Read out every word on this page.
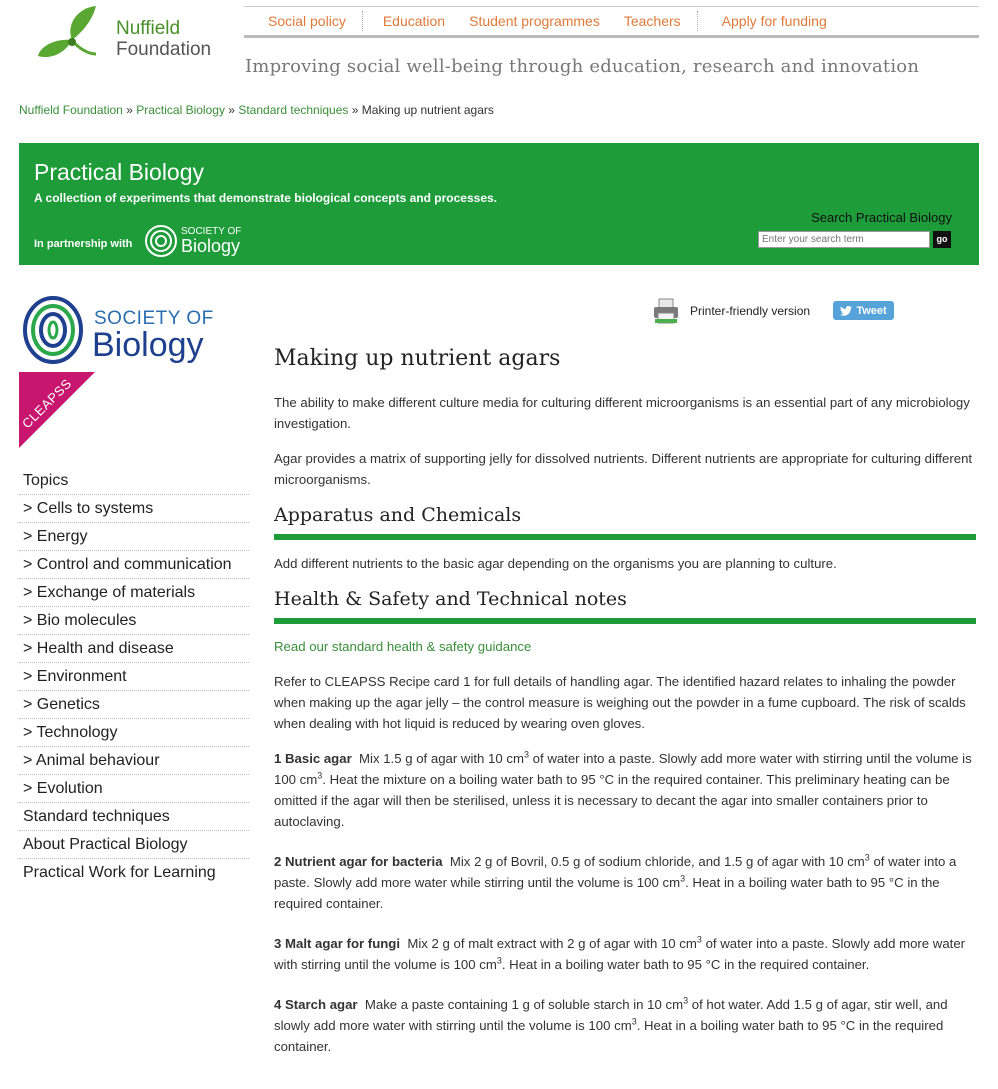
Nuffield
Foundation
Social policy	Education	Student programmes	Teachers	Apply for funding
Improving social well-being through education, research and innovation
Nuffield Foundation » Practical Biology » Standard techniques » Making up nutrient agars
Practical Biology
A collection of experiments that demonstrate biological concepts and processes.
In partnership with
SOCIETY OF
Biology
Search Practical Biology
Enter your search term
go
SOCIETY OF
Biology
CLEAPSS
Topics
> Cells to systems
> Energy
> Control and communication
> Exchange of materials
> Bio molecules
> Health and disease
> Environment
> Genetics
> Technology
> Animal behaviour
> Evolution
Standard techniques
About Practical Biology
Practical Work for Learning
Printer-friendly version	Tweet
Making up nutrient agars

The ability to make different culture media for culturing different microorganisms is an essential part of any microbiology investigation.

Agar provides a matrix of supporting jelly for dissolved nutrients. Different nutrients are appropriate for culturing different microorganisms.

Apparatus and Chemicals

Add different nutrients to the basic agar depending on the organisms you are planning to culture.

Health & Safety and Technical notes

Read our standard health & safety guidance

Refer to CLEAPSS Recipe card 1 for full details of handling agar. The identified hazard relates to inhaling the powder when making up the agar jelly – the control measure is weighing out the powder in a fume cupboard. The risk of scalds when dealing with hot liquid is reduced by wearing oven gloves.

1 Basic agar Mix 1.5 g of agar with 10 $cm^3$ of water into a paste. Slowly add more water with stirring until the volume is 100 $cm^3$. Heat the mixture on a boiling water bath to 95 °C in the required container. This preliminary heating can be omitted if the agar will then be sterilised, unless it is necessary to decant the agar into smaller containers prior to autoclaving.

2 Nutrient agar for bacteria Mix 2 g of Bovril, 0.5 g of sodium chloride, and 1.5 g of agar with 10 $cm^3$ of water into a paste. Slowly add more water while stirring until the volume is 100 $cm^3$. Heat in a boiling water bath to 95 °C in the required container.

3 Malt agar for fungi Mix 2 g of malt extract with 2 g of agar with 10 $cm^3$ of water into a paste. Slowly add more water with stirring until the volume is 100 $cm^3$. Heat in a boiling water bath to 95 °C in the required container.

4 Starch agar Make a paste containing 1 g of soluble starch in 10 $cm^3$ of hot water. Add 1.5 g of agar, stir well, and slowly add more water with stirring until the volume is 100 $cm^3$. Heat in a boiling water bath to 95 °C in the required container.
